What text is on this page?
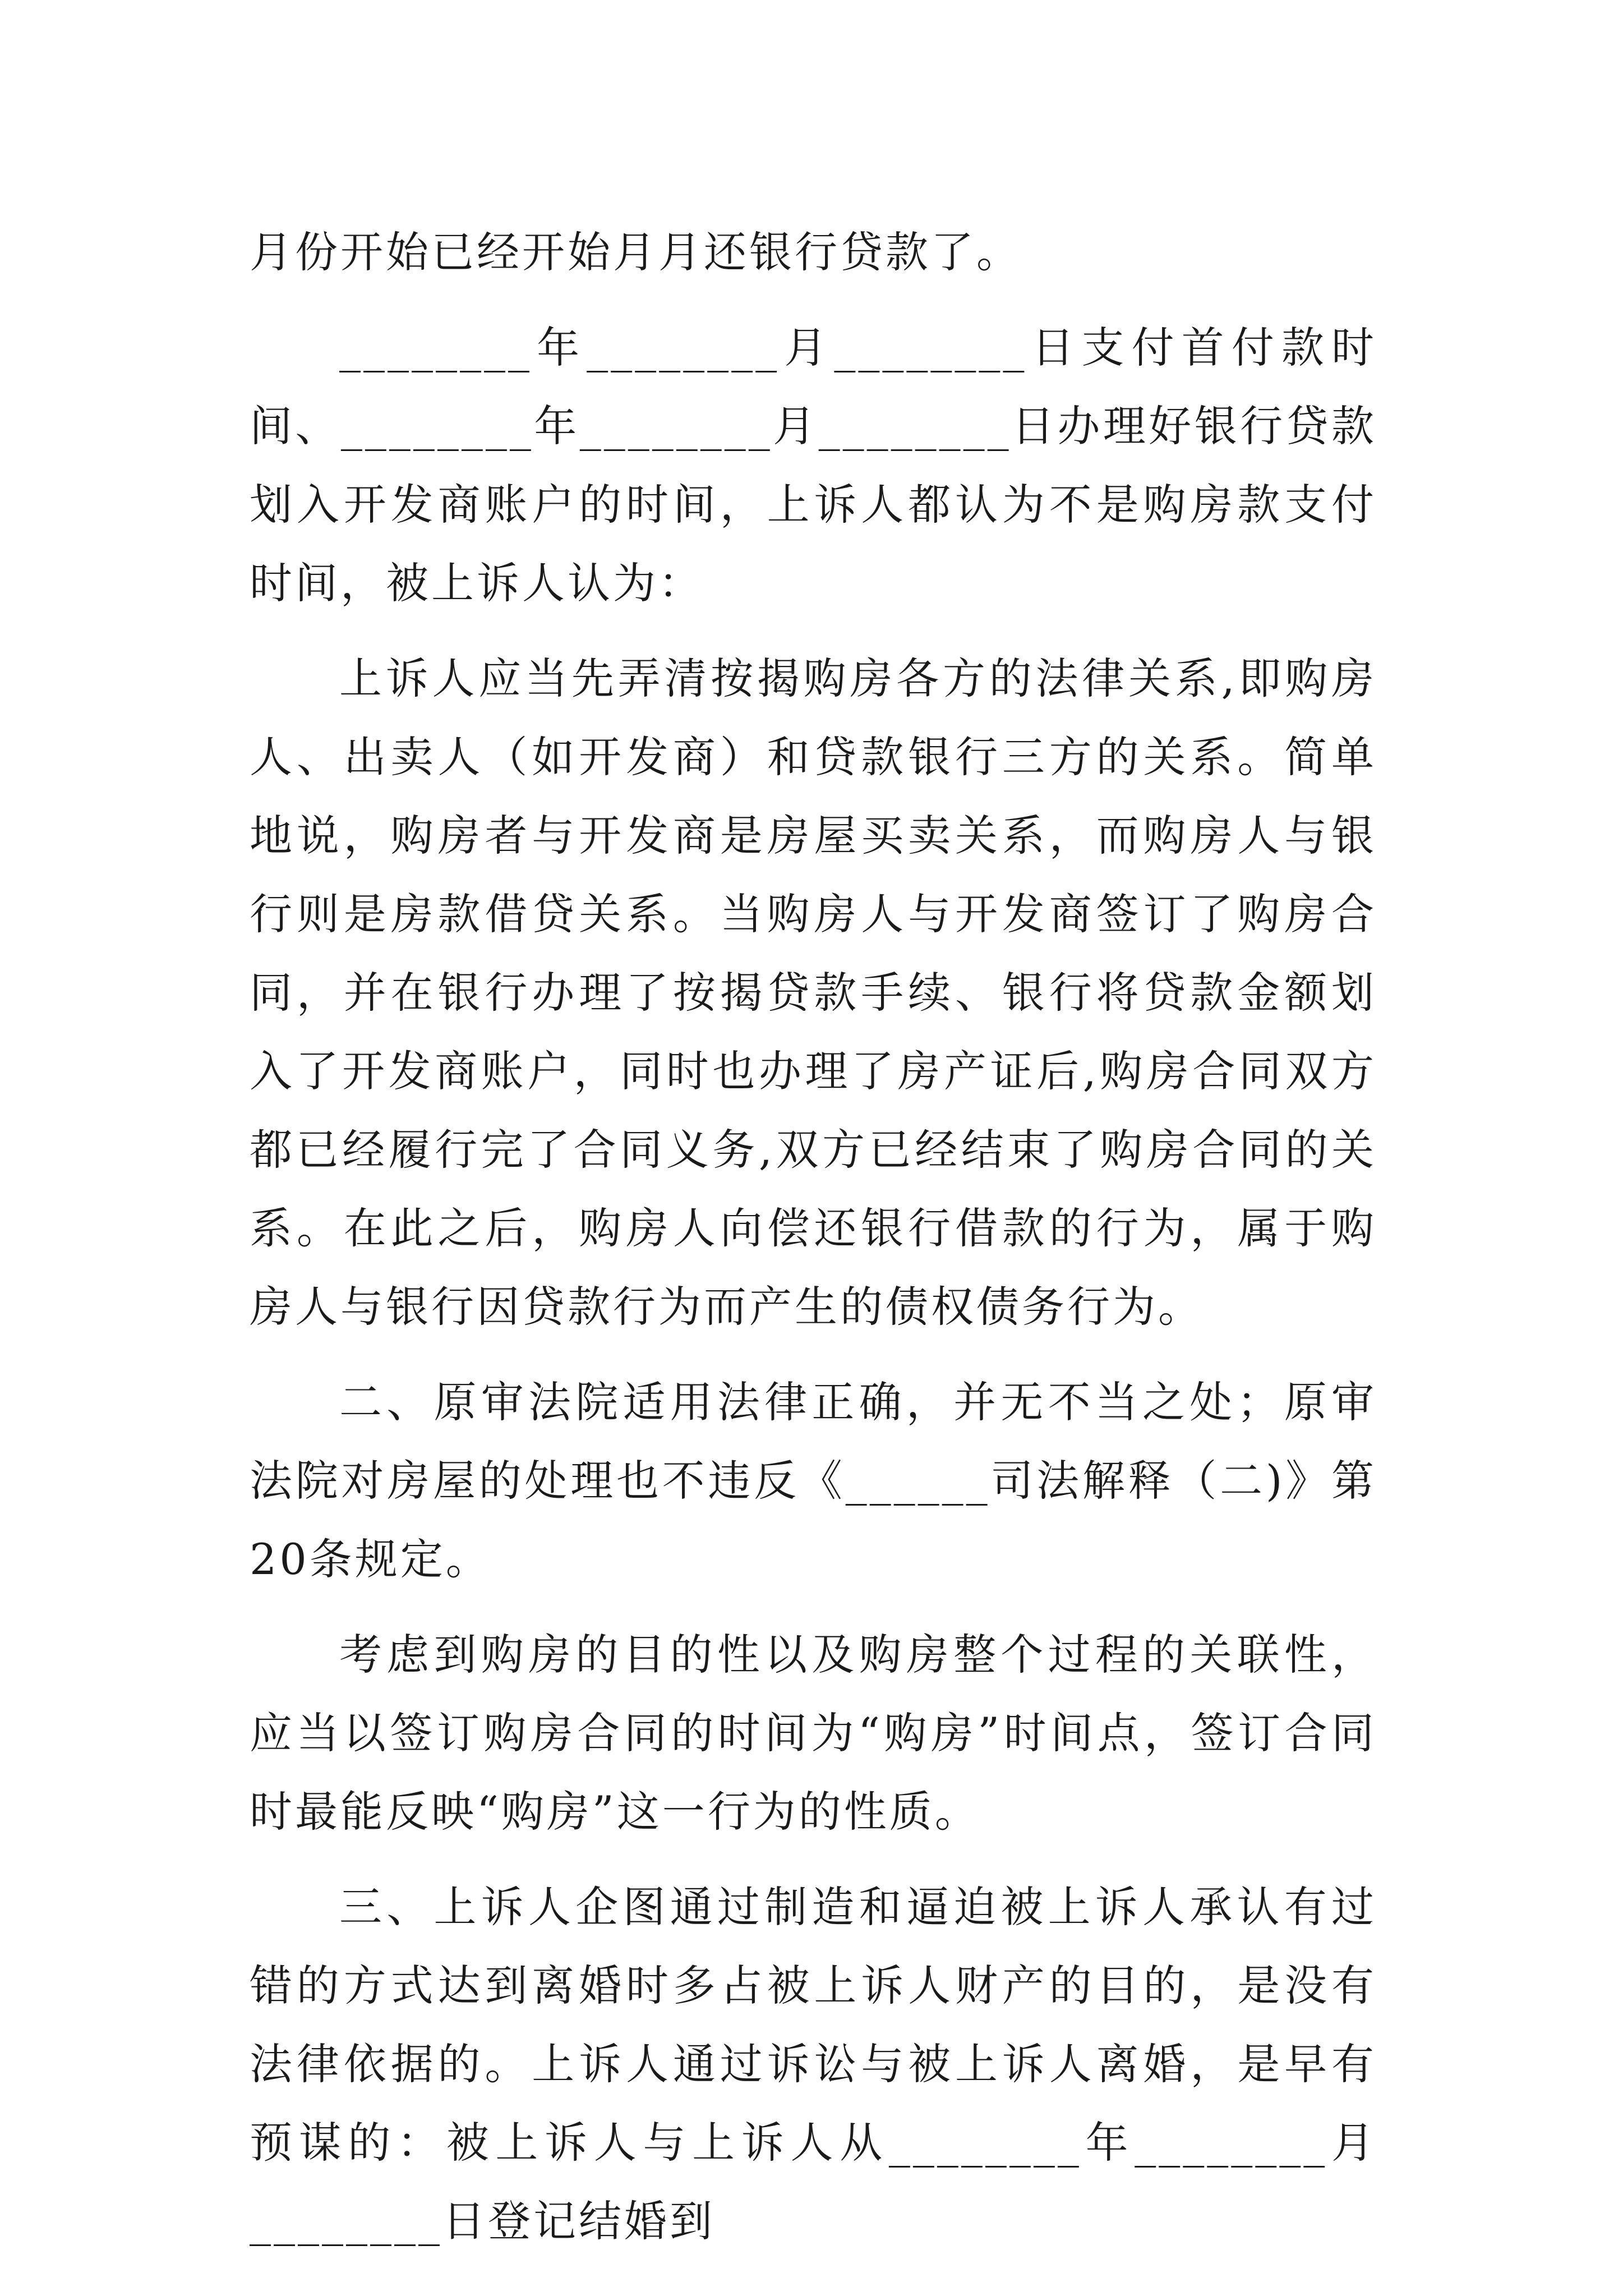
月份开始已经开始月月还银行贷款了。

________年________月________日支付首付款时间、________年________月________日办理好银行贷款划入开发商账户的时间，上诉人都认为不是购房款支付时间，被上诉人认为：

上诉人应当先弄清按揭购房各方的法律关系,即购房人、出卖人（如开发商）和贷款银行三方的关系。简单地说，购房者与开发商是房屋买卖关系，而购房人与银行则是房款借贷关系。当购房人与开发商签订了购房合同，并在银行办理了按揭贷款手续、银行将贷款金额划入了开发商账户，同时也办理了房产证后,购房合同双方都已经履行完了合同义务,双方已经结束了购房合同的关系。在此之后，购房人向偿还银行借款的行为，属于购房人与银行因贷款行为而产生的债权债务行为。

二、原审法院适用法律正确，并无不当之处；原审法院对房屋的处理也不违反《______司法解释（二)》第20条规定。

考虑到购房的目的性以及购房整个过程的关联性，应当以签订购房合同的时间为“购房”时间点，签订合同时最能反映“购房”这一行为的性质。

三、上诉人企图通过制造和逼迫被上诉人承认有过错的方式达到离婚时多占被上诉人财产的目的，是没有法律依据的。上诉人通过诉讼与被上诉人离婚，是早有预谋的：被上诉人与上诉人从________年________月________日登记结婚到
